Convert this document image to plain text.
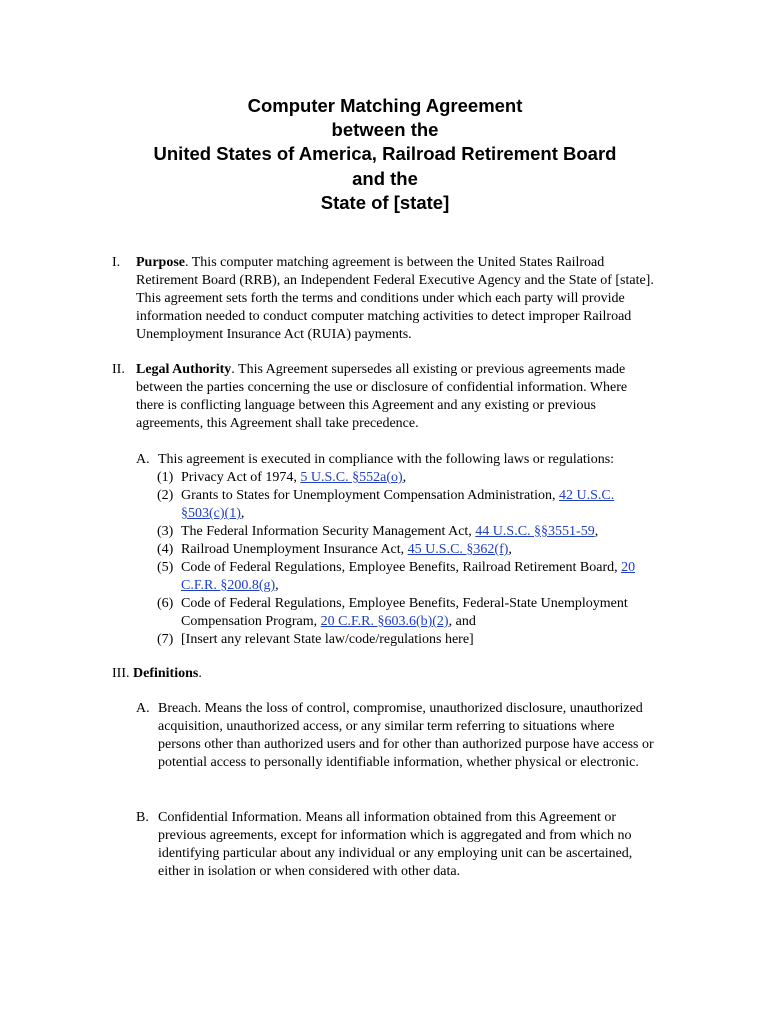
Computer Matching Agreement
between the
United States of America, Railroad Retirement Board
and the
State of [state]
I. Purpose. This computer matching agreement is between the United States Railroad Retirement Board (RRB), an Independent Federal Executive Agency and the State of [state]. This agreement sets forth the terms and conditions under which each party will provide information needed to conduct computer matching activities to detect improper Railroad Unemployment Insurance Act (RUIA) payments.
II. Legal Authority. This Agreement supersedes all existing or previous agreements made between the parties concerning the use or disclosure of confidential information. Where there is conflicting language between this Agreement and any existing or previous agreements, this Agreement shall take precedence.
A. This agreement is executed in compliance with the following laws or regulations:
(1) Privacy Act of 1974, 5 U.S.C. §552a(o),
(2) Grants to States for Unemployment Compensation Administration, 42 U.S.C. §503(c)(1),
(3) The Federal Information Security Management Act, 44 U.S.C. §§3551-59,
(4) Railroad Unemployment Insurance Act, 45 U.S.C. §362(f),
(5) Code of Federal Regulations, Employee Benefits, Railroad Retirement Board, 20 C.F.R. §200.8(g),
(6) Code of Federal Regulations, Employee Benefits, Federal-State Unemployment Compensation Program, 20 C.F.R. §603.6(b)(2), and
(7) [Insert any relevant State law/code/regulations here]
III. Definitions.
A. Breach. Means the loss of control, compromise, unauthorized disclosure, unauthorized acquisition, unauthorized access, or any similar term referring to situations where persons other than authorized users and for other than authorized purpose have access or potential access to personally identifiable information, whether physical or electronic.
B. Confidential Information. Means all information obtained from this Agreement or previous agreements, except for information which is aggregated and from which no identifying particular about any individual or any employing unit can be ascertained, either in isolation or when considered with other data.
